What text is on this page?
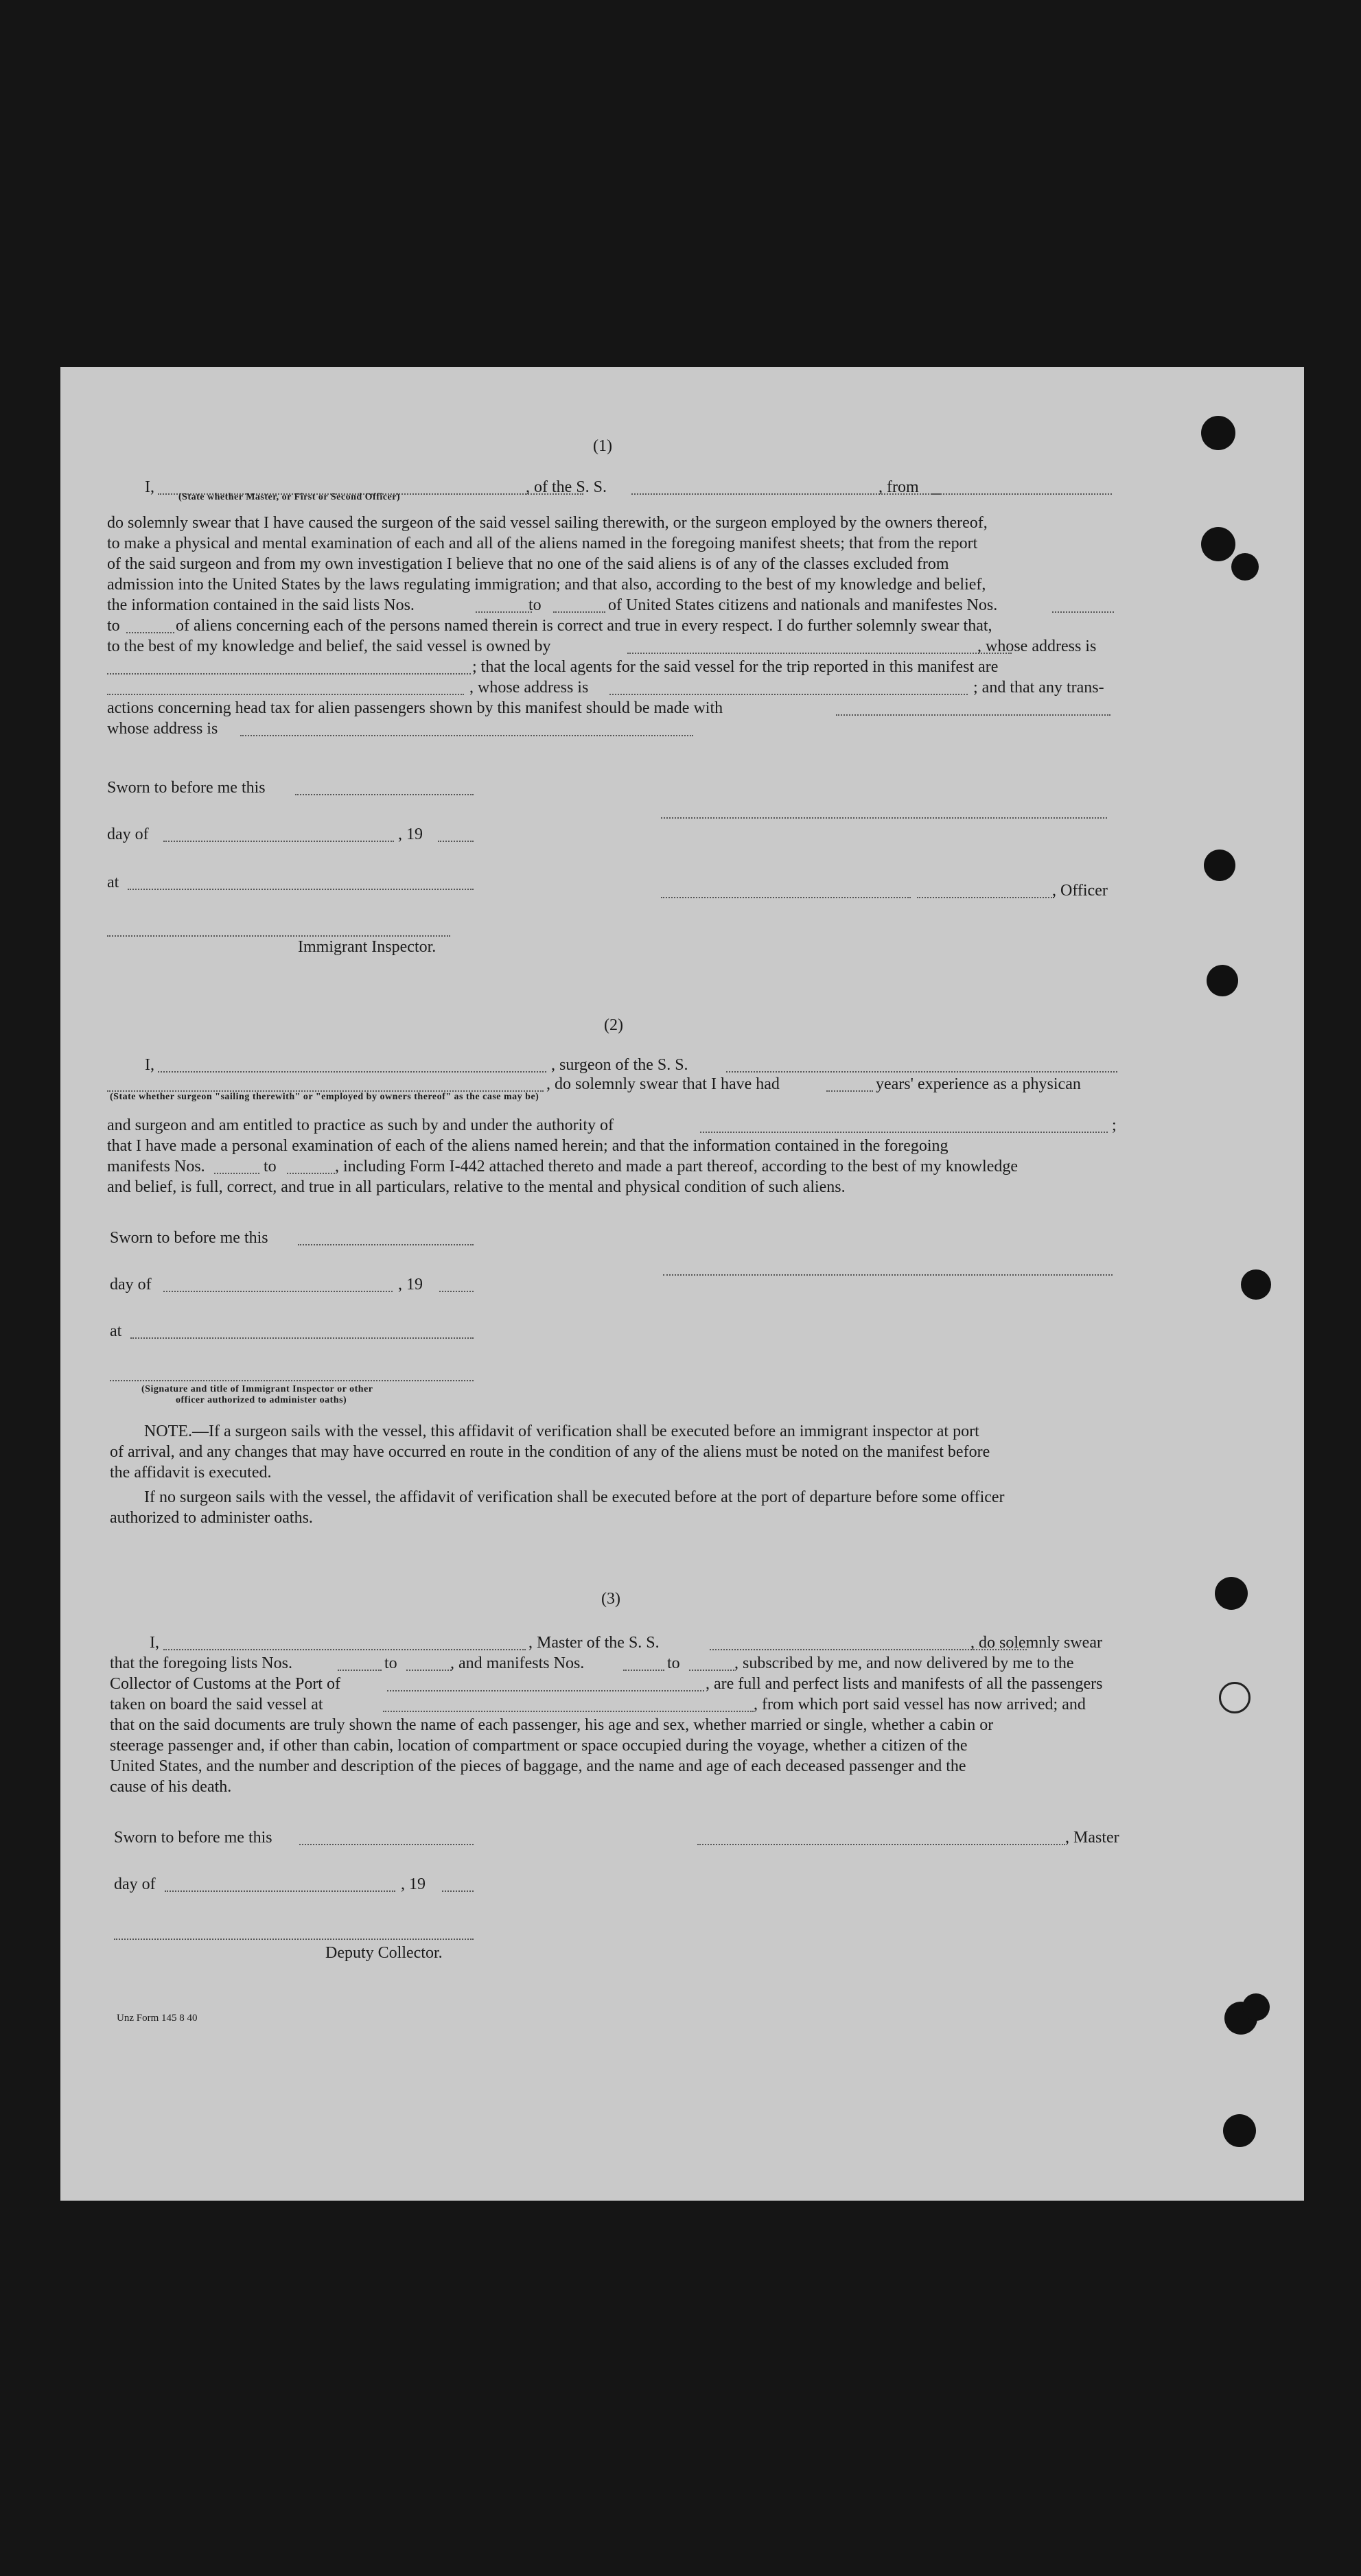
(1)
I,
(State whether Master, or First or Second Officer)
, of the S. S.	, from
do solemnly swear that I have caused the surgeon of the said vessel sailing therewith, or the surgeon employed by the owners thereof,
to make a physical and mental examination of each and all of the aliens named in the foregoing manifest sheets; that from the report
of the said surgeon and from my own investigation I believe that no one of the said aliens is of any of the classes excluded from
admission into the United States by the laws regulating immigration; and that also, according to the best of my knowledge and belief,
the information contained in the said lists Nos.	to	of United States citizens and nationals and manifestes Nos.
to	of aliens concerning each of the persons named therein is correct and true in every respect. I do further solemnly swear that,
to the best of my knowledge and belief, the said vessel is owned by	, whose address is
; that the local agents for the said vessel for the trip reported in this manifest are
, whose address is	; and that any trans-
actions concerning head tax for alien passengers shown by this manifest should be made with
whose address is
Sworn to before me this
day of	, 19
at	, Officer
Immigrant Inspector.
(2)
I,	, surgeon of the S. S.
, do solemnly swear that I have had	years' experience as a physican
(State whether surgeon "sailing therewith" or "employed by owners thereof" as the case may be)
and surgeon and am entitled to practice as such by and under the authority of	;
that I have made a personal examination of each of the aliens named herein; and that the information contained in the foregoing
manifests Nos.	to	, including Form I-442 attached thereto and made a part thereof, according to the best of my knowledge
and belief, is full, correct, and true in all particulars, relative to the mental and physical condition of such aliens.
Sworn to before me this
day of	, 19
at
(Signature and title of Immigrant Inspector or other
officer authorized to administer oaths)
NOTE.—If a surgeon sails with the vessel, this affidavit of verification shall be executed before an immigrant inspector at port
of arrival, and any changes that may have occurred en route in the condition of any of the aliens must be noted on the manifest before
the affidavit is executed.
If no surgeon sails with the vessel, the affidavit of verification shall be executed before at the port of departure before some officer
authorized to administer oaths.
(3)
I,	, Master of the S. S.	, do solemnly swear
that the foregoing lists Nos.	to	, and manifests Nos.	to	, subscribed by me, and now delivered by me to the
Collector of Customs at the Port of	, are full and perfect lists and manifests of all the passengers
taken on board the said vessel at	, from which port said vessel has now arrived; and
that on the said documents are truly shown the name of each passenger, his age and sex, whether married or single, whether a cabin or
steerage passenger and, if other than cabin, location of compartment or space occupied during the voyage, whether a citizen of the
United States, and the number and description of the pieces of baggage, and the name and age of each deceased passenger and the
cause of his death.
Sworn to before me this	, Master
day of	, 19
Deputy Collector.
Unz Form 145 8 40
